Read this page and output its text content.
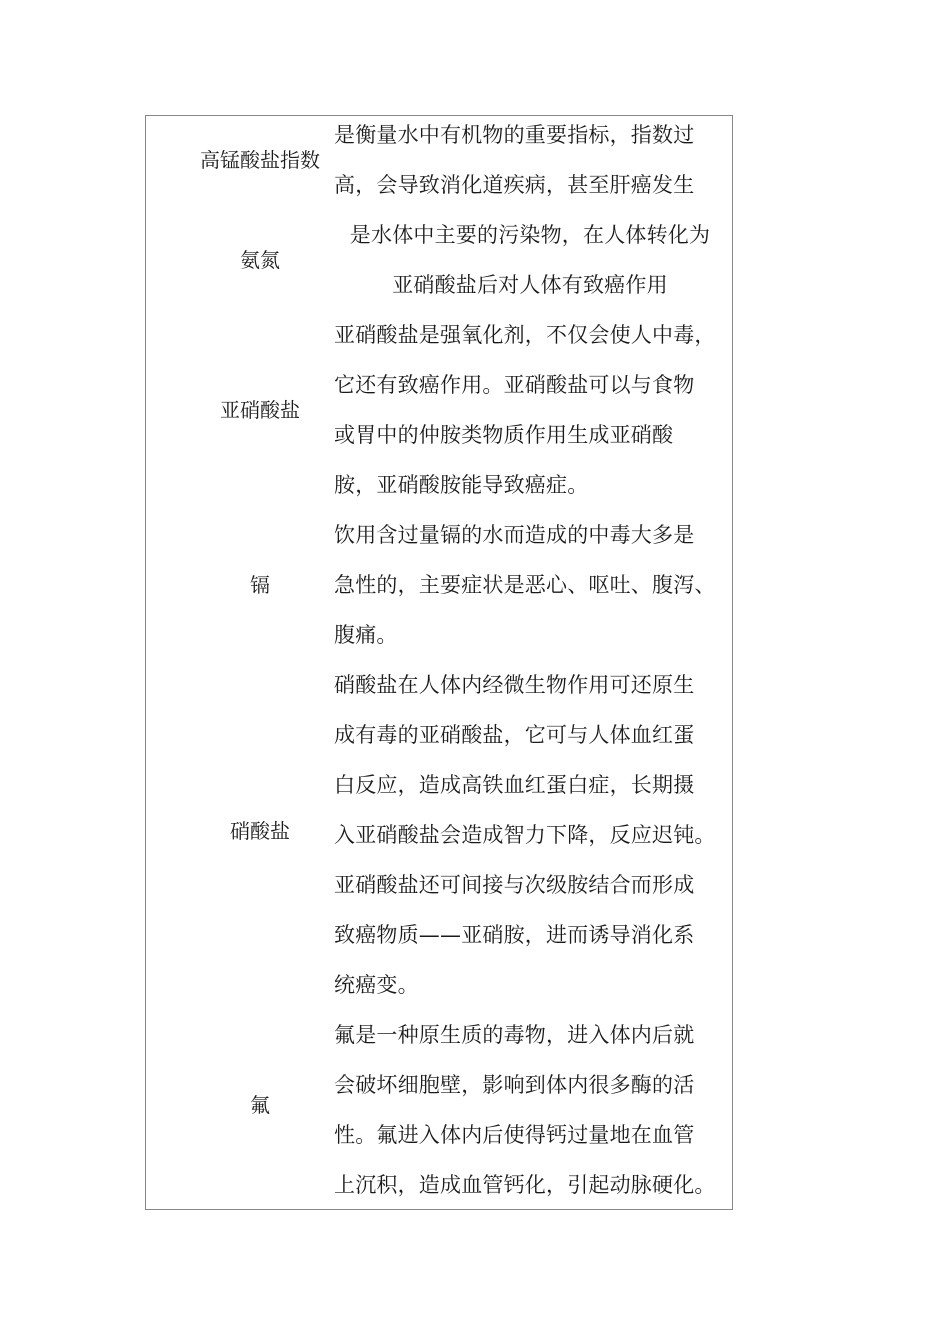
高锰酸盐指数
是衡量水中有机物的重要指标，指数过
高，会导致消化道疾病，甚至肝癌发生
氨氮
是水体中主要的污染物，在人体转化为
亚硝酸盐后对人体有致癌作用
亚硝酸盐
亚硝酸盐是强氧化剂，不仅会使人中毒，
它还有致癌作用。亚硝酸盐可以与食物
或胃中的仲胺类物质作用生成亚硝酸
胺，亚硝酸胺能导致癌症。
镉
饮用含过量镉的水而造成的中毒大多是
急性的，主要症状是恶心、呕吐、腹泻、
腹痛。
硝酸盐
硝酸盐在人体内经微生物作用可还原生
成有毒的亚硝酸盐，它可与人体血红蛋
白反应，造成高铁血红蛋白症，长期摄
入亚硝酸盐会造成智力下降，反应迟钝。
亚硝酸盐还可间接与次级胺结合而形成
致癌物质——亚硝胺，进而诱导消化系
统癌变。
氟
氟是一种原生质的毒物，进入体内后就
会破坏细胞壁，影响到体内很多酶的活
性。氟进入体内后使得钙过量地在血管
上沉积，造成血管钙化，引起动脉硬化。
